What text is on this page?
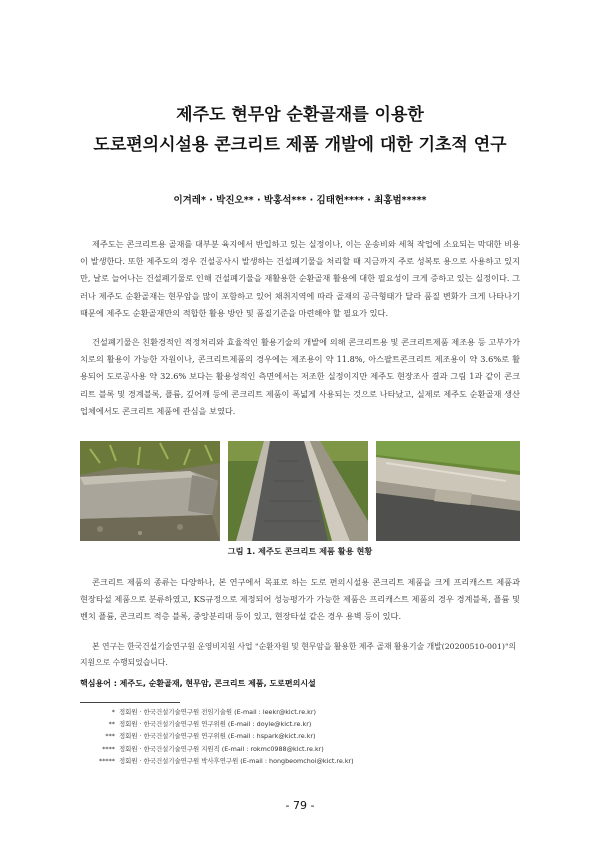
제주도 현무암 순환골재를 이용한
도로편의시설용 콘크리트 제품 개발에 대한 기초적 연구
이겨레* · 박진오** · 박홍석*** · 김태헌**** · 최홍범*****

제주도는 콘크리트용 골재를 대부분 육지에서 반입하고 있는 실정이나, 이는 운송비와 세척 작업에 소요되는 막대한 비용이 발생한다. 또한 제주도의 경우 건설공사시 발생하는 건설폐기물을 처리할 때 지금까지 주로 성복토 용으로 사용하고 있지만, 날로 늘어나는 건설폐기물로 인해 건설폐기물을 재활용한 순환골재 활용에 대한 필요성이 크게 증하고 있는 실정이다. 그러나 제주도 순환골재는 현무암을 많이 포함하고 있어 채취지역에 따라 골재의 공극형태가 달라 품질 변화가 크게 나타나기 때문에 제주도 순환골재만의 적합한 활용 방안 및 품질기준을 마련해야 할 필요가 있다.

건설폐기물은 친환경적인 적정처리와 효율적인 활용기술의 개발에 의해 콘크리트용 및 콘크리트제품 제조용 등 고부가가치로의 활용이 가능한 자원이나, 콘크리트제품의 경우에는 제조용이 약 11.8%, 아스팔트콘크리트 제조용이 약 3.6%로 활용되어 도로공사용 약 32.6% 보다는 활용성적인 측면에서는 저조한 실정이지만 제주도 현장조사 결과 그림 1과 같이 콘크리트 블록 및 경계블록, 플륨, 깊어깨 등에 콘크리트 제품이 폭넓게 사용되는 것으로 나타났고, 실제로 제주도 순환골재 생산 업체에서도 콘크리트 제품에 관심을 보였다.

그림 1. 제주도 콘크리트 제품 활용 현황

콘크리트 제품의 종류는 다양하나, 본 연구에서 목표로 하는 도로 편의시설용 콘크리트 제품을 크게 프리캐스트 제품과 현장타설 제품으로 분류하였고, KS규정으로 제정되어 성능평가가 가능한 제품은 프리캐스트 제품의 경우 경계블록, 플륨 및 벤치 플륨, 콘크리트 적층 블록, 중앙분리대 등이 있고, 현장타설 같은 경우 용벽 등이 있다.

본 연구는 한국건설기술연구원 운영비지원 사업 "순환자원 및 현무암을 활용한 제주 골재 활용기술 개발(20200510-001)"의 지원으로 수행되었습니다.

핵심용어 : 제주도, 순환골재, 현무암, 콘크리트 제품, 도로편의시설
* 정회원 · 한국건설기술연구원 전임기술원 (E-mail : leekr@kict.re.kr)
** 정회원 · 한국건설기술연구원 연구위원 (E-mail : doyle@kict.re.kr)
*** 정회원 · 한국건설기술연구원 연구위원 (E-mail : hspark@kict.re.kr)
**** 정회원 · 한국건설기술연구원 지원직 (E-mail : rokmc0988@kict.re.kr)
***** 정회원 · 한국건설기술연구원 박사후연구원 (E-mail : hongbeomchoi@kict.re.kr)
- 79 -
